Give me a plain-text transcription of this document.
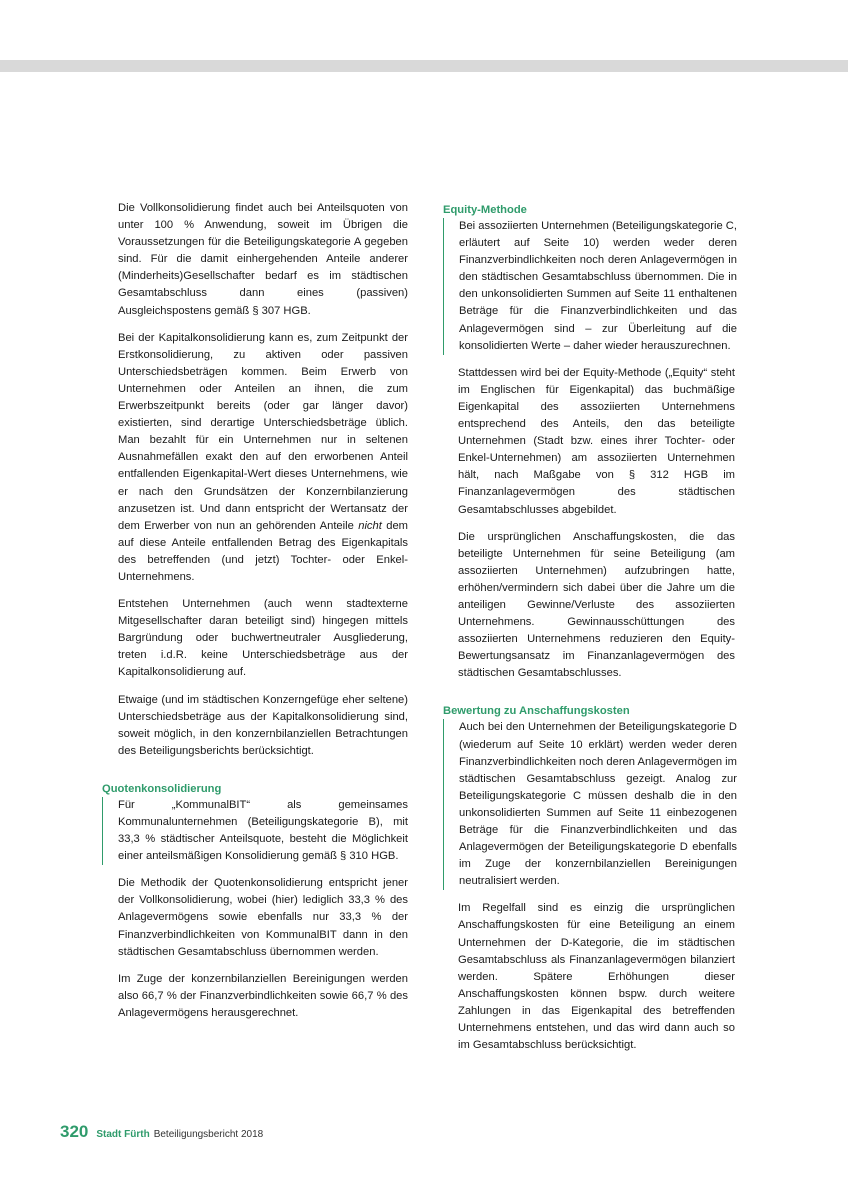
Die Vollkonsolidierung findet auch bei Anteilsquoten von unter 100 % Anwendung, soweit im Übrigen die Voraussetzungen für die Beteiligungskategorie A gegeben sind. Für die damit einhergehenden Anteile anderer (Minderheits)Gesellschafter bedarf es im städtischen Gesamtabschluss dann eines (passiven) Ausgleichspostens gemäß § 307 HGB.

Bei der Kapitalkonsolidierung kann es, zum Zeitpunkt der Erstkonsolidierung, zu aktiven oder passiven Unterschiedsbeträgen kommen. Beim Erwerb von Unternehmen oder Anteilen an ihnen, die zum Erwerbszeitpunkt bereits (oder gar länger davor) existierten, sind derartige Unterschiedsbeträge üblich. Man bezahlt für ein Unternehmen nur in seltenen Ausnahmefällen exakt den auf den erworbenen Anteil entfallenden Eigenkapital-Wert dieses Unternehmens, wie er nach den Grundsätzen der Konzernbilanzierung anzusetzen ist. Und dann entspricht der Wertansatz der dem Erwerber von nun an gehörenden Anteile nicht dem auf diese Anteile entfallenden Betrag des Eigenkapitals des betreffenden (und jetzt) Tochter- oder Enkel-Unternehmens.

Entstehen Unternehmen (auch wenn stadtexterne Mitgesellschafter daran beteiligt sind) hingegen mittels Bargründung oder buchwertneutraler Ausgliederung, treten i.d.R. keine Unterschiedsbeträge aus der Kapitalkonsolidierung auf.

Etwaige (und im städtischen Konzerngefüge eher seltene) Unterschiedsbeträge aus der Kapitalkonsolidierung sind, soweit möglich, in den konzernbilanziellen Betrachtungen des Beteiligungsberichts berücksichtigt.

Quotenkonsolidierung

Für „KommunalBIT“ als gemeinsames Kommunalunternehmen (Beteiligungskategorie B), mit 33,3 % städtischer Anteilsquote, besteht die Möglichkeit einer anteilsmäßigen Konsolidierung gemäß § 310 HGB.

Die Methodik der Quotenkonsolidierung entspricht jener der Vollkonsolidierung, wobei (hier) lediglich 33,3 % des Anlagevermögens sowie ebenfalls nur 33,3 % der Finanzverbindlichkeiten von KommunalBIT dann in den städtischen Gesamtabschluss übernommen werden.

Im Zuge der konzernbilanziellen Bereinigungen werden also 66,7 % der Finanzverbindlichkeiten sowie 66,7 % des Anlagevermögens herausgerechnet.

Equity-Methode

Bei assoziierten Unternehmen (Beteiligungskategorie C, erläutert auf Seite 10) werden weder deren Finanzverbindlichkeiten noch deren Anlagevermögen in den städtischen Gesamtabschluss übernommen. Die in den unkonsolidierten Summen auf Seite 11 enthaltenen Beträge für die Finanzverbindlichkeiten und das Anlagevermögen sind – zur Überleitung auf die konsolidierten Werte – daher wieder herauszurechnen.

Stattdessen wird bei der Equity-Methode („Equity“ steht im Englischen für Eigenkapital) das buchmäßige Eigenkapital des assoziierten Unternehmens entsprechend des Anteils, den das beteiligte Unternehmen (Stadt bzw. eines ihrer Tochter- oder Enkel-Unternehmen) am assoziierten Unternehmen hält, nach Maßgabe von § 312 HGB im Finanzanlagevermögen des städtischen Gesamtabschlusses abgebildet.

Die ursprünglichen Anschaffungskosten, die das beteiligte Unternehmen für seine Beteiligung (am assoziierten Unternehmen) aufzubringen hatte, erhöhen/vermindern sich dabei über die Jahre um die anteiligen Gewinne/Verluste des assoziierten Unternehmens. Gewinnausschüttungen des assoziierten Unternehmens reduzieren den Equity-Bewertungsansatz im Finanzanlagevermögen des städtischen Gesamtabschlusses.

Bewertung zu Anschaffungskosten

Auch bei den Unternehmen der Beteiligungskategorie D (wiederum auf Seite 10 erklärt) werden weder deren Finanzverbindlichkeiten noch deren Anlagevermögen im städtischen Gesamtabschluss gezeigt. Analog zur Beteiligungskategorie C müssen deshalb die in den unkonsolidierten Summen auf Seite 11 einbezogenen Beträge für die Finanzverbindlichkeiten und das Anlagevermögen der Beteiligungskategorie D ebenfalls im Zuge der konzernbilanziellen Bereinigungen neutralisiert werden.

Im Regelfall sind es einzig die ursprünglichen Anschaffungskosten für eine Beteiligung an einem Unternehmen der D-Kategorie, die im städtischen Gesamtabschluss als Finanzanlagevermögen bilanziert werden. Spätere Erhöhungen dieser Anschaffungskosten können bspw. durch weitere Zahlungen in das Eigenkapital des betreffenden Unternehmens entstehen, und das wird dann auch so im Gesamtabschluss berücksichtigt.

320 Stadt Fürth Beteiligungsbericht 2018
